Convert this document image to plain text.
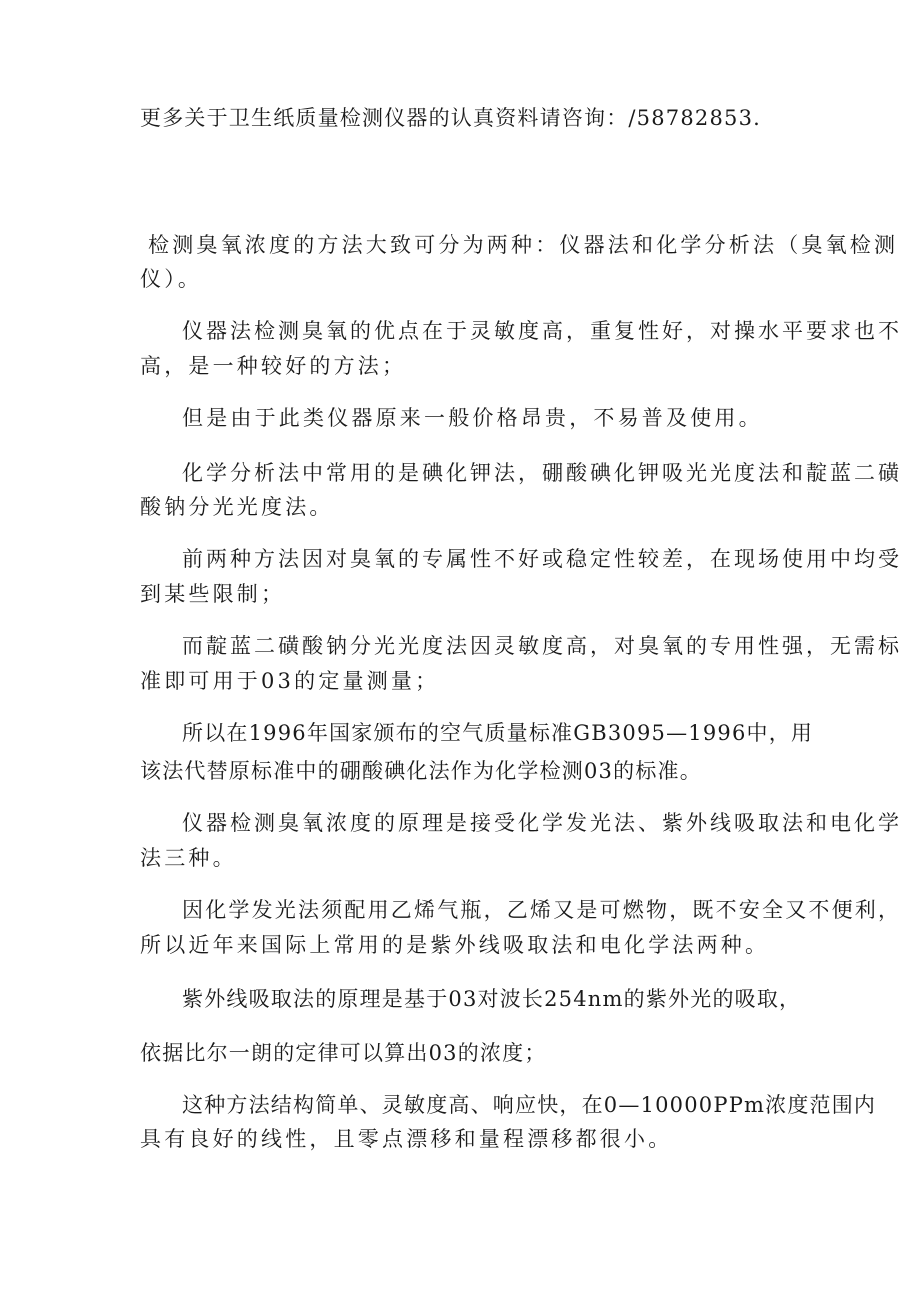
更多关于卫生纸质量检测仪器的认真资料请咨询：/58782853.

检测臭氧浓度的方法大致可分为两种：仪器法和化学分析法（臭氧检测

仪）。

仪器法检测臭氧的优点在于灵敏度高，重复性好，对操水平要求也不

高，是一种较好的方法；

但是由于此类仪器原来一般价格昂贵，不易普及使用。

化学分析法中常用的是碘化钾法，硼酸碘化钾吸光光度法和靛蓝二磺

酸钠分光光度法。

前两种方法因对臭氧的专属性不好或稳定性较差，在现场使用中均受

到某些限制；

而靛蓝二磺酸钠分光光度法因灵敏度高，对臭氧的专用性强，无需标

准即可用于03的定量测量；

所以在1996年国家颁布的空气质量标准GB3095—1996中，用

该法代替原标准中的硼酸碘化法作为化学检测03的标准。

仪器检测臭氧浓度的原理是接受化学发光法、紫外线吸取法和电化学

法三种。

因化学发光法须配用乙烯气瓶，乙烯又是可燃物，既不安全又不便利，

所以近年来国际上常用的是紫外线吸取法和电化学法两种。

紫外线吸取法的原理是基于03对波长254nm的紫外光的吸取，

依据比尔一朗的定律可以算出03的浓度；

这种方法结构简单、灵敏度高、响应快，在0—10000PPm浓度范围内

具有良好的线性，且零点漂移和量程漂移都很小。
